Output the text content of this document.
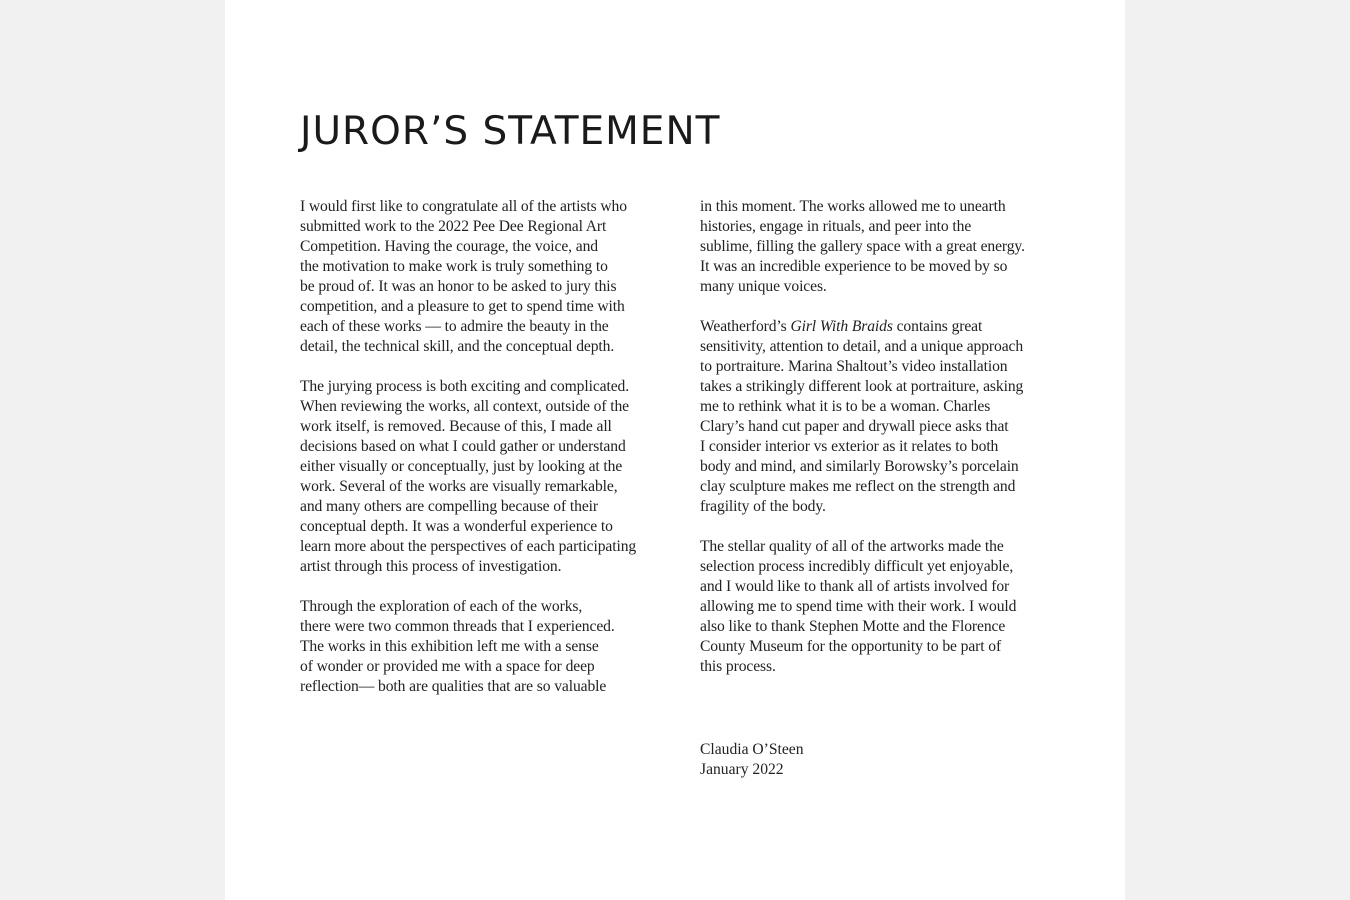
JUROR’S STATEMENT

I would first like to congratulate all of the artists who
submitted work to the 2022 Pee Dee Regional Art
Competition. Having the courage, the voice, and
the motivation to make work is truly something to
be proud of. It was an honor to be asked to jury this
competition, and a pleasure to get to spend time with
each of these works — to admire the beauty in the
detail, the technical skill, and the conceptual depth.

The jurying process is both exciting and complicated.
When reviewing the works, all context, outside of the
work itself, is removed. Because of this, I made all
decisions based on what I could gather or understand
either visually or conceptually, just by looking at the
work. Several of the works are visually remarkable,
and many others are compelling because of their
conceptual depth. It was a wonderful experience to
learn more about the perspectives of each participating
artist through this process of investigation.

Through the exploration of each of the works,
there were two common threads that I experienced.
The works in this exhibition left me with a sense
of wonder or provided me with a space for deep
reflection— both are qualities that are so valuable

in this moment. The works allowed me to unearth
histories, engage in rituals, and peer into the
sublime, filling the gallery space with a great energy.
It was an incredible experience to be moved by so
many unique voices.

Weatherford’s Girl With Braids contains great
sensitivity, attention to detail, and a unique approach
to portraiture. Marina Shaltout’s video installation
takes a strikingly different look at portraiture, asking
me to rethink what it is to be a woman. Charles
Clary’s hand cut paper and drywall piece asks that
I consider interior vs exterior as it relates to both
body and mind, and similarly Borowsky’s porcelain
clay sculpture makes me reflect on the strength and
fragility of the body.

The stellar quality of all of the artworks made the
selection process incredibly difficult yet enjoyable,
and I would like to thank all of artists involved for
allowing me to spend time with their work. I would
also like to thank Stephen Motte and the Florence
County Museum for the opportunity to be part of
this process.

Claudia O’Steen
January 2022
